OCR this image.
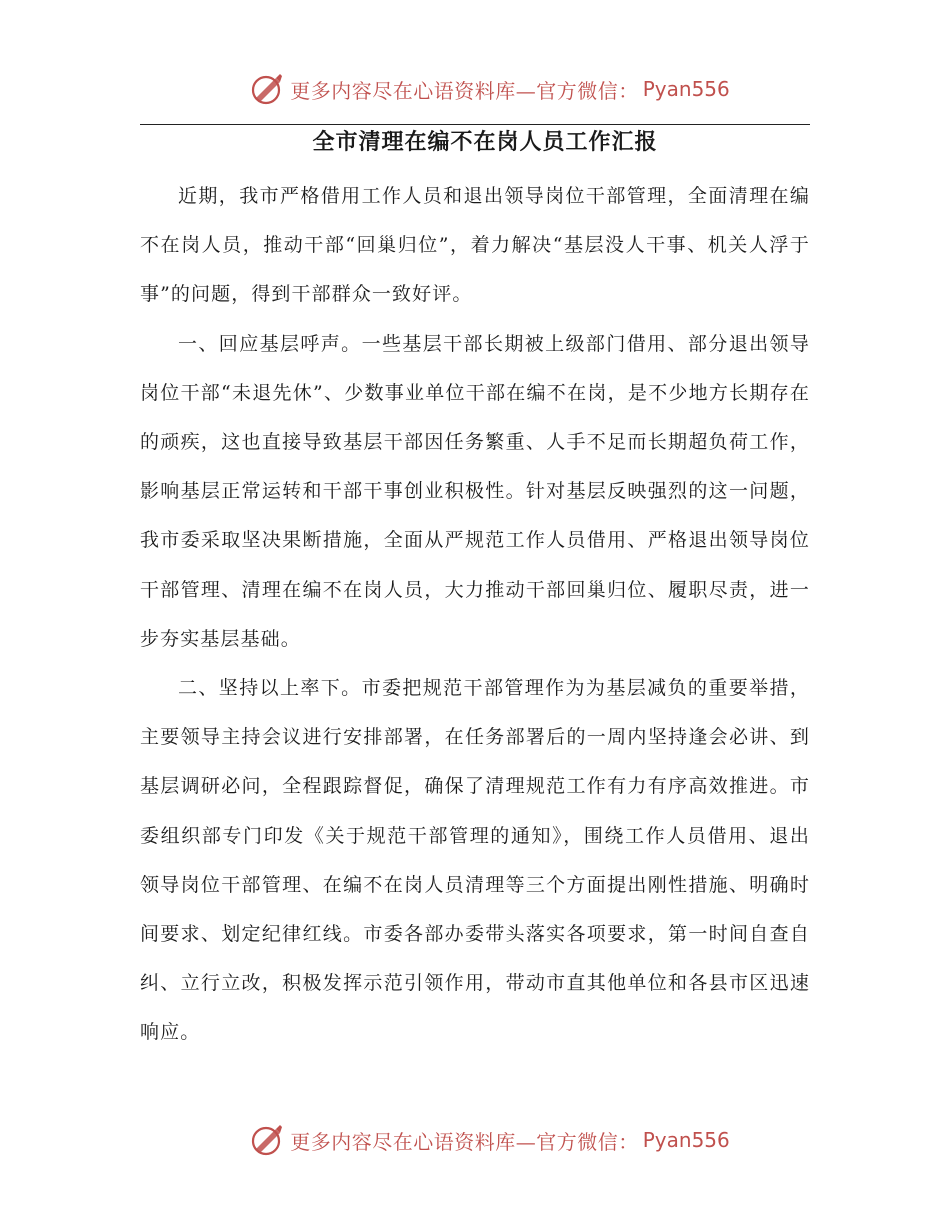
更多内容尽在心语资料库—官方微信： Pyan556
全市清理在编不在岗人员工作汇报

近期，我市严格借用工作人员和退出领导岗位干部管理，全面清理在编不在岗人员，推动干部“回巢归位”，着力解决“基层没人干事、机关人浮于事”的问题，得到干部群众一致好评。

一、回应基层呼声。一些基层干部长期被上级部门借用、部分退出领导岗位干部“未退先休”、少数事业单位干部在编不在岗，是不少地方长期存在的顽疾，这也直接导致基层干部因任务繁重、人手不足而长期超负荷工作，影响基层正常运转和干部干事创业积极性。针对基层反映强烈的这一问题，我市委采取坚决果断措施，全面从严规范工作人员借用、严格退出领导岗位干部管理、清理在编不在岗人员，大力推动干部回巢归位、履职尽责，进一步夯实基层基础。

二、坚持以上率下。市委把规范干部管理作为为基层减负的重要举措，主要领导主持会议进行安排部署，在任务部署后的一周内坚持逢会必讲、到基层调研必问，全程跟踪督促，确保了清理规范工作有力有序高效推进。市委组织部专门印发《关于规范干部管理的通知》，围绕工作人员借用、退出领导岗位干部管理、在编不在岗人员清理等三个方面提出刚性措施、明确时间要求、划定纪律红线。市委各部办委带头落实各项要求，第一时间自查自纠、立行立改，积极发挥示范引领作用，带动市直其他单位和各县市区迅速响应。

更多内容尽在心语资料库—官方微信： Pyan556
